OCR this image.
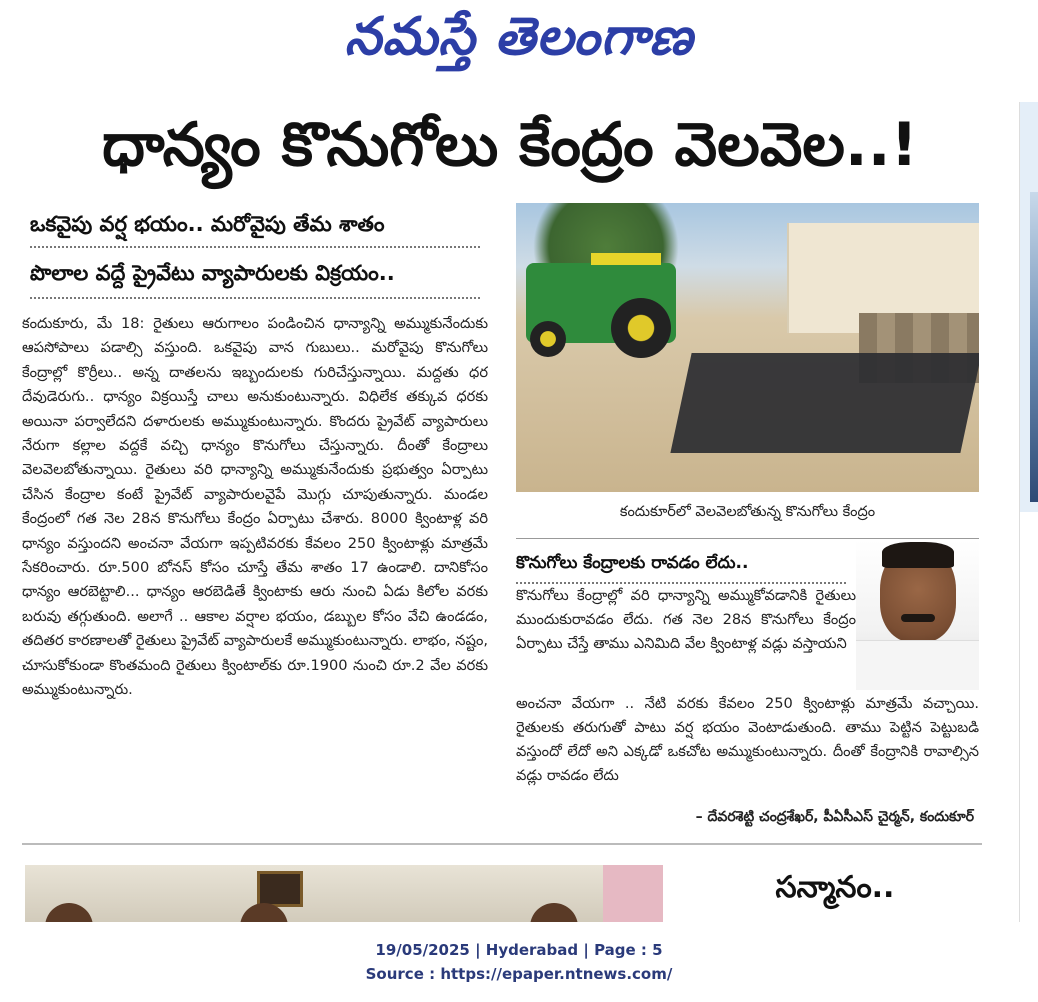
నమస్తే తెలంగాణ
ధాన్యం కొనుగోలు కేంద్రం వెలవెల..!
ఒకవైపు వర్ష భయం.. మరోవైపు తేమ శాతం
పొలాల వద్దే ప్రైవేటు వ్యాపారులకు విక్రయం..
కందుకూరు, మే 18: రైతులు ఆరుగాలం పండించిన ధాన్యాన్ని అమ్ముకునేందుకు ఆపసోపాలు పడాల్సి వస్తుంది. ఒకవైపు వాన గుబులు.. మరోవైపు కొనుగోలు కేంద్రాల్లో కొర్రీలు.. అన్న దాతలను ఇబ్బందులకు గురిచేస్తున్నాయి. మద్దతు ధర దేవుడెరుగు.. ధాన్యం విక్రయిస్తే చాలు అనుకుంటున్నారు. విధిలేక తక్కువ ధరకు అయినా పర్వాలేదని దళారులకు అమ్ముకుంటున్నారు. కొందరు ప్రైవేట్ వ్యాపారులు నేరుగా కల్లాల వద్దకే వచ్చి ధాన్యం కొనుగోలు చేస్తున్నారు. దీంతో కేంద్రాలు వెలవెలబోతున్నాయి. రైతులు వరి ధాన్యాన్ని అమ్ముకునేందుకు ప్రభుత్వం ఏర్పాటు చేసిన కేంద్రాల కంటే ప్రైవేట్ వ్యాపారులవైపే మొగ్గు చూపుతున్నారు. మండల కేంద్రంలో గత నెల 28న కొనుగోలు కేంద్రం ఏర్పాటు చేశారు. 8000 క్వింటాళ్ల వరి ధాన్యం వస్తుందని అంచనా వేయగా ఇప్పటివరకు కేవలం 250 క్వింటాళ్లు మాత్రమే సేకరించారు. రూ.500 బోనస్ కోసం చూస్తే తేమ శాతం 17 ఉండాలి. దానికోసం ధాన్యం ఆరబెట్టాలి... ధాన్యం ఆరబెడితే క్వింటాకు ఆరు నుంచి ఏడు కిలోల వరకు బరువు తగ్గుతుంది. అలాగే .. ఆకాల వర్షాల భయం, డబ్బుల కోసం వేచి ఉండడం, తదితర కారణాలతో రైతులు ప్రైవేట్ వ్యాపారులకే అమ్ముకుంటున్నారు. లాభం, నష్టం, చూసుకోకుండా కొంతమంది రైతులు క్వింటాల్‌కు రూ.1900 నుంచి రూ.2 వేల వరకు అమ్ముకుంటున్నారు.
కందుకూర్‌లో వెలవెలబోతున్న కొనుగోలు కేంద్రం
కొనుగోలు కేంద్రాలకు రావడం లేదు..
కొనుగోలు కేంద్రాల్లో వరి ధాన్యాన్ని అమ్ముకోవడానికి రైతులు ముందుకురావడం లేదు. గత నెల 28న కొనుగోలు కేంద్రం ఏర్పాటు చేస్తే తాము ఎనిమిది వేల క్వింటాళ్ల వడ్లు వస్తాయని
అంచనా వేయగా .. నేటి వరకు కేవలం 250 క్వింటాళ్లు మాత్రమే వచ్చాయి. రైతులకు తరుగుతో పాటు వర్ష భయం వెంటాడుతుంది. తాము పెట్టిన పెట్టుబడి వస్తుందో లేదో అని ఎక్కడో ఒకచోట అమ్ముకుంటున్నారు. దీంతో కేంద్రానికి రావాల్సిన వడ్లు రావడం లేదు
– దేవరశెట్టి చంద్రశేఖర్, పీఏసీఎస్ చైర్మన్, కందుకూర్
సన్మానం..
19/05/2025 | Hyderabad | Page : 5
Source : https://epaper.ntnews.com/
